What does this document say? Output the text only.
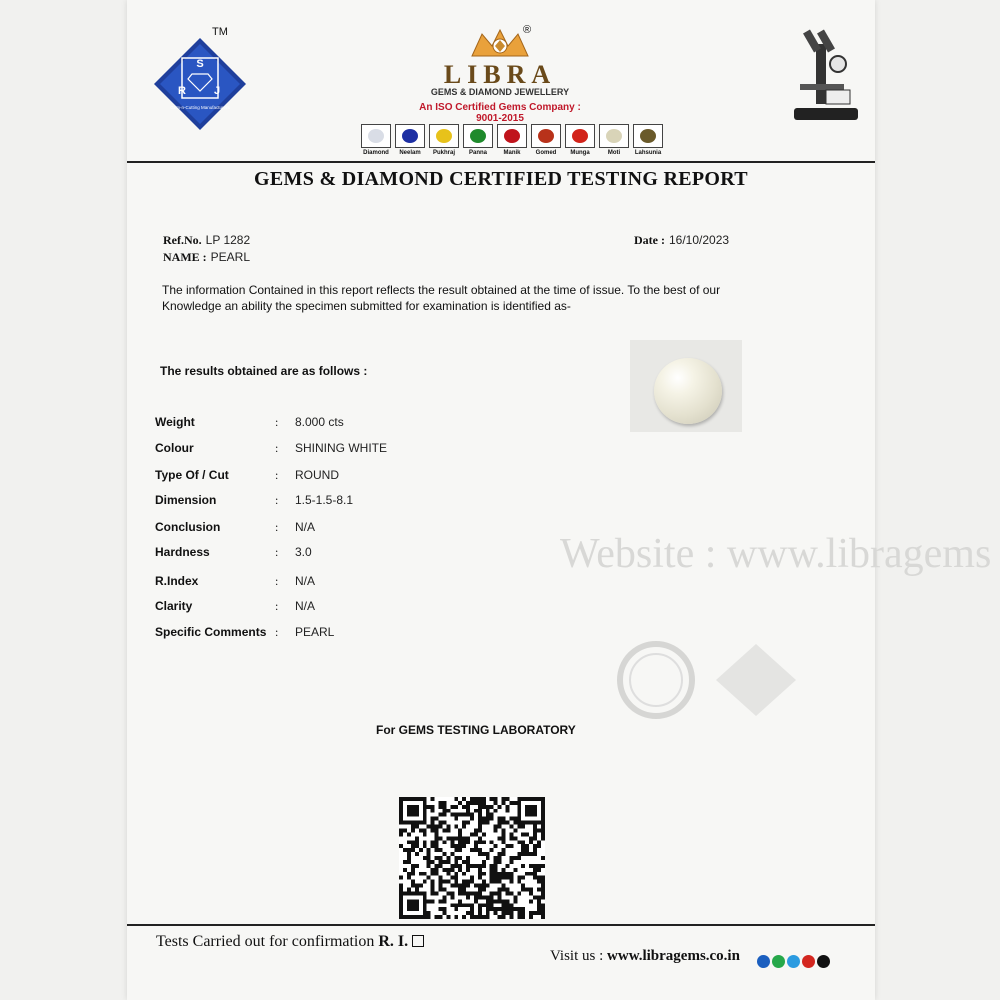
Website : www.libragems
S
R	J
Gem-n-Cutting Manufacturers
TM	®
LIBRA
GEMS & DIAMOND JEWELLERY
An ISO Certified Gems Company : 9001-2015
Diamond	Neelam	Pukhraj	Panna	Manik	Gomed	Munga	Moti	Lahsunia
GEMS & DIAMOND CERTIFIED TESTING REPORT
Ref.No. LP 1282
NAME : PEARL
Date : 16/10/2023
The information Contained in this report reflects the result obtained at the time of issue. To the best of our
Knowledge an ability the specimen submitted for examination is identified as-
The results obtained are as follows :
Weight	:	8.000 cts
Colour	:	SHINING WHITE
Type Of / Cut	:	ROUND
Dimension	:	1.5-1.5-8.1
Conclusion	:	N/A
Hardness	:	3.0
R.Index	:	N/A
Clarity	:	N/A
Specific Comments :	PEARL
For GEMS TESTING LABORATORY
Tests Carried out for confirmation R. I.
Visit us : www.libragems.co.in
